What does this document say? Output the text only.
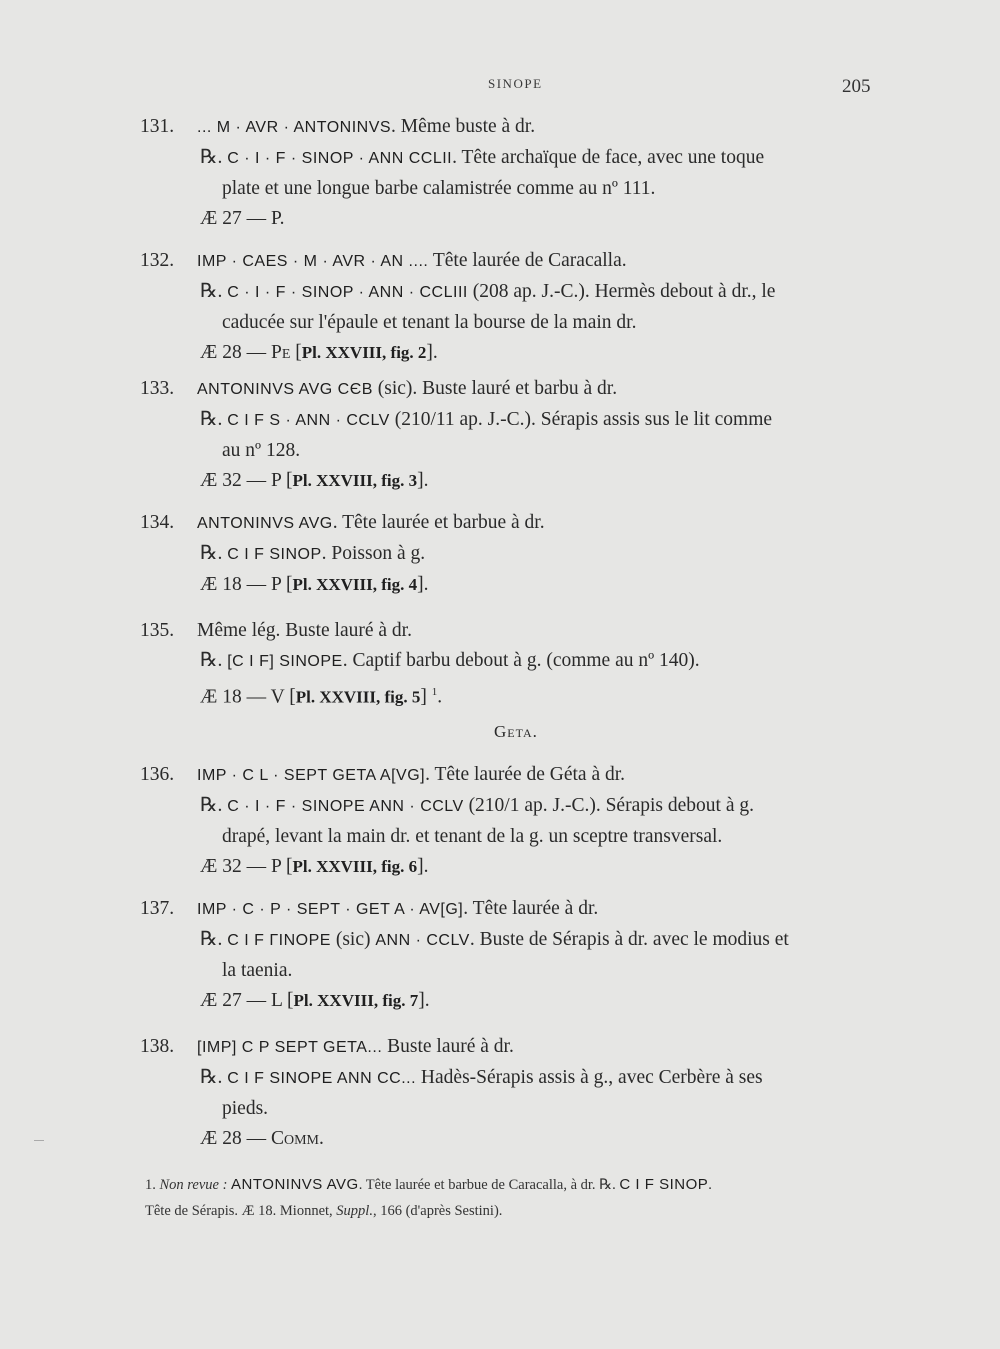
SINOPE	205
131. ... M · AVR · ANTONINVS. Même buste à dr.
℞. C · I · F · SINOP · ANN CCLII. Tête archaïque de face, avec une toque
plate et une longue barbe calamistrée comme au nº 111.
Æ 27 — P.
132. IMP · CAES · M · AVR · AN .... Tête laurée de Caracalla.
℞. C · I · F · SINOP · ANN · CCLIII (208 ap. J.-C.). Hermès debout à dr., le
caducée sur l'épaule et tenant la bourse de la main dr.
Æ 28 — Pe [Pl. XXVIII, fig. 2].
133. ANTONINVS AVG CЄB (sic). Buste lauré et barbu à dr.
℞. C I F S · ANN · CCLV (210/11 ap. J.-C.). Sérapis assis sus le lit comme
au nº 128.
Æ 32 — P [Pl. XXVIII, fig. 3].
134. ANTONINVS AVG. Tête laurée et barbue à dr.
℞. C I F SINOP. Poisson à g.
Æ 18 — P [Pl. XXVIII, fig. 4].
135. Même lég. Buste lauré à dr.
℞. [C I F] SINOPE. Captif barbu debout à g. (comme au nº 140).
Æ 18 — V [Pl. XXVIII, fig. 5] $^1$.
136. IMP · C L · SEPT GETA A[VG]. Tête laurée de Géta à dr.
℞. C · I · F · SINOPE ANN · CCLV (210/1 ap. J.-C.). Sérapis debout à g.
drapé, levant la main dr. et tenant de la g. un sceptre transversal.
Æ 32 — P [Pl. XXVIII, fig. 6].
137. IMP · C · P · SEPT · GET A · AV[G]. Tête laurée à dr.
℞. C I F ΓINOPE (sic) ANN · CCLV. Buste de Sérapis à dr. avec le modius et
la taenia.
Æ 27 — L [Pl. XXVIII, fig. 7].
138. [IMP] C P SEPT GETA... Buste lauré à dr.
℞. C I F SINOPE ANN CC... Hadès-Sérapis assis à g., avec Cerbère à ses
pieds.
Æ 28 — Comm.
Geta.
1. Non revue : ANTONINVS AVG. Tête laurée et barbue de Caracalla, à dr. ℞. C I F SINOP.
Tête de Sérapis. Æ 18. Mionnet, Suppl., 166 (d'après Sestini).
